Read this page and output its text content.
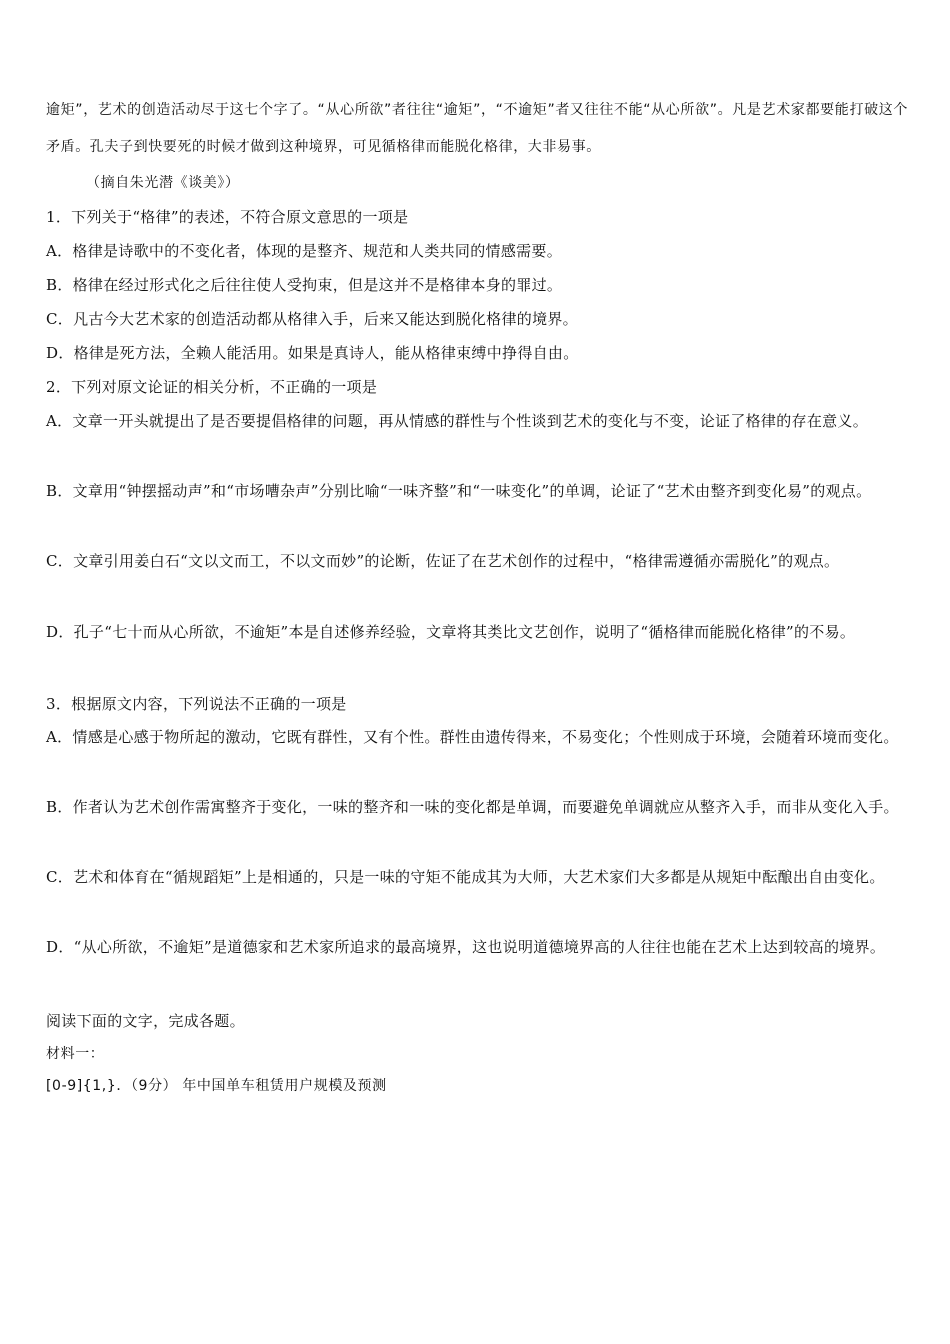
逾矩”，艺术的创造活动尽于这七个字了。“从心所欲”者往往“逾矩”，“不逾矩”者又往往不能“从心所欲”。凡是艺术家都要能打破这个矛盾。孔夫子到快要死的时候才做到这种境界，可见循格律而能脱化格律，大非易事。

（摘自朱光潜《谈美》）

1．下列关于“格律”的表述，不符合原文意思的一项是

A．格律是诗歌中的不变化者，体现的是整齐、规范和人类共同的情感需要。

B．格律在经过形式化之后往往使人受拘束，但是这并不是格律本身的罪过。

C．凡古今大艺术家的创造活动都从格律入手，后来又能达到脱化格律的境界。

D．格律是死方法，全赖人能活用。如果是真诗人，能从格律束缚中挣得自由。

2．下列对原文论证的相关分析，不正确的一项是

A．文章一开头就提出了是否要提倡格律的问题，再从情感的群性与个性谈到艺术的变化与不变，论证了格律的存在意义。

B．文章用“钟摆摇动声”和“市场嘈杂声”分别比喻“一味齐整”和“一味变化”的单调，论证了“艺术由整齐到变化易”的观点。

C．文章引用姜白石“文以文而工，不以文而妙”的论断，佐证了在艺术创作的过程中，“格律需遵循亦需脱化”的观点。

D．孔子“七十而从心所欲，不逾矩”本是自述修养经验，文章将其类比文艺创作，说明了“循格律而能脱化格律”的不易。

3．根据原文内容，下列说法不正确的一项是

A．情感是心感于物所起的激动，它既有群性，又有个性。群性由遗传得来，不易变化；个性则成于环境，会随着环境而变化。

B．作者认为艺术创作需寓整齐于变化，一味的整齐和一味的变化都是单调，而要避免单调就应从整齐入手，而非从变化入手。

C．艺术和体育在“循规蹈矩”上是相通的，只是一味的守矩不能成其为大师，大艺术家们大多都是从规矩中酝酿出自由变化。

D．“从心所欲，不逾矩”是道德家和艺术家所追求的最高境界，这也说明道德境界高的人往往也能在艺术上达到较高的境界。

阅读下面的文字，完成各题。

材料一：

[0-9]{1,}．（9分） 年中国单车租赁用户规模及预测
